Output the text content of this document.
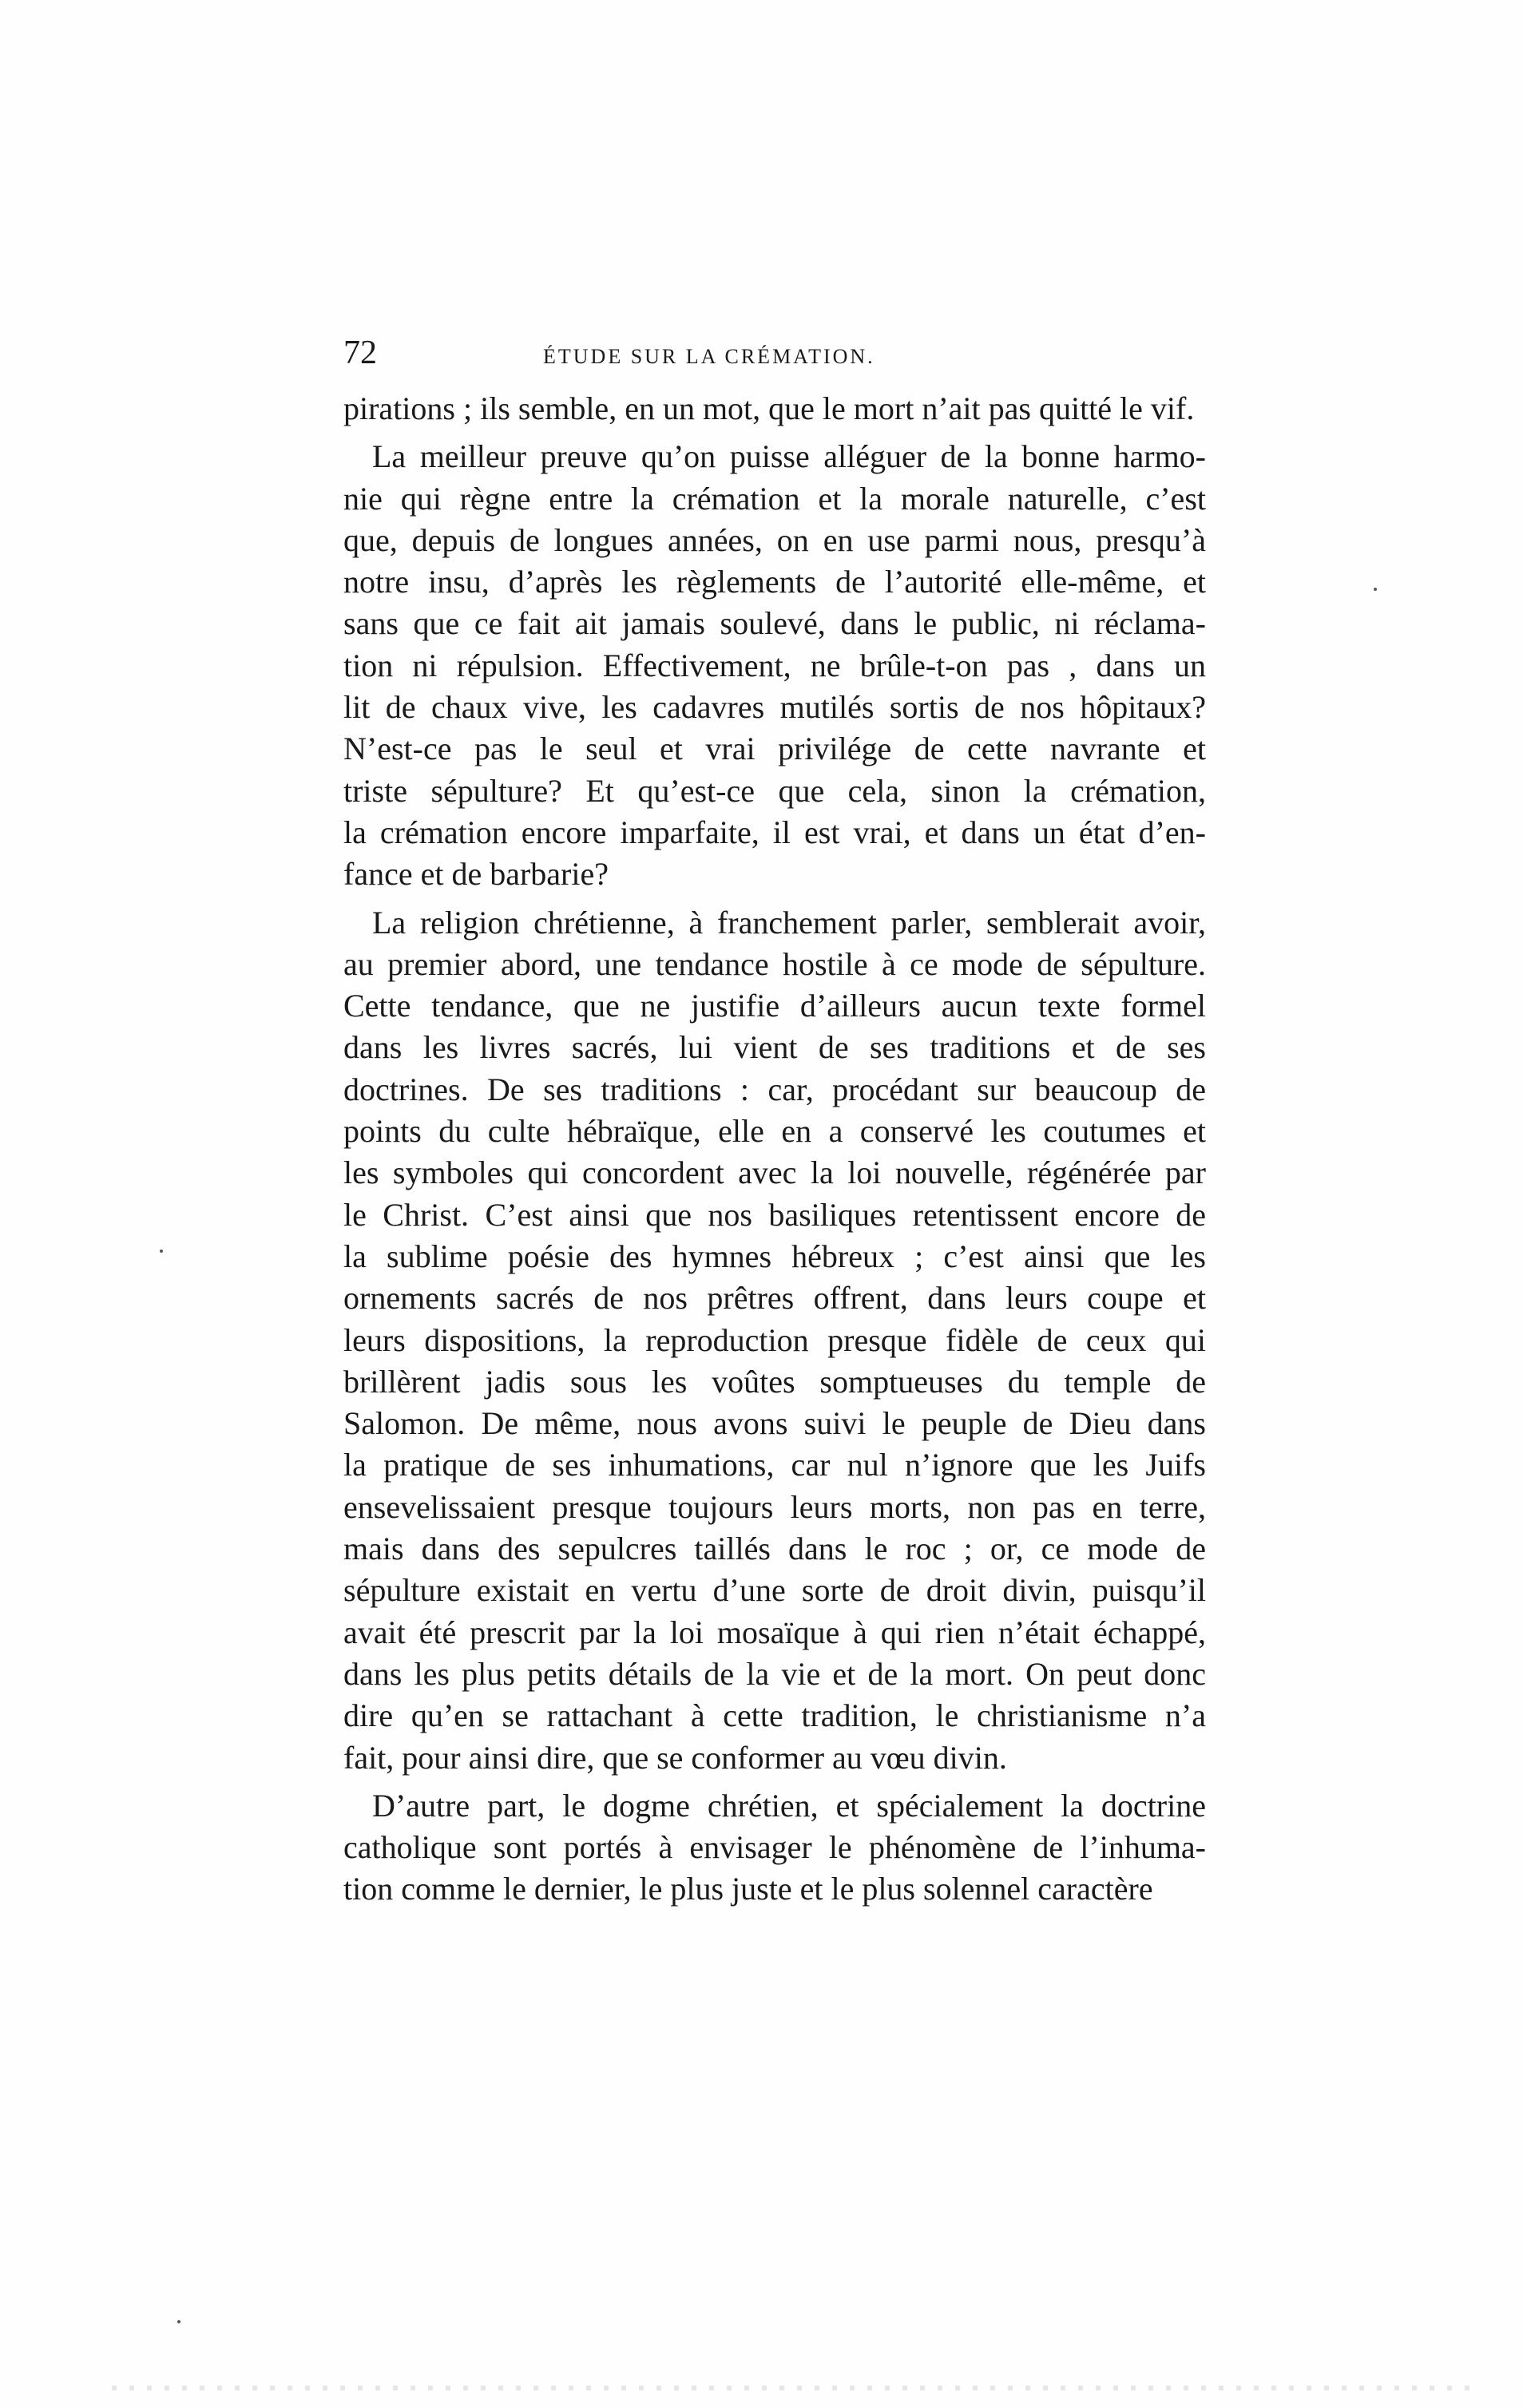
72	ÉTUDE SUR LA CRÉMATION.
pirations ; ils semble, en un mot, que le mort n’ait pas quitté le vif.
La meilleur preuve qu’on puisse alléguer de la bonne harmo-
nie qui règne entre la crémation et la morale naturelle, c’est
que, depuis de longues années, on en use parmi nous, presqu’à
notre insu, d’après les règlements de l’autorité elle-même, et
sans que ce fait ait jamais soulevé, dans le public, ni réclama-
tion ni répulsion. Effectivement, ne brûle-t-on pas , dans un
lit de chaux vive, les cadavres mutilés sortis de nos hôpitaux?
N’est-ce pas le seul et vrai privilége de cette navrante et
triste sépulture? Et qu’est-ce que cela, sinon la crémation,
la crémation encore imparfaite, il est vrai, et dans un état d’en-
fance et de barbarie?
La religion chrétienne, à franchement parler, semblerait avoir,
au premier abord, une tendance hostile à ce mode de sépulture.
Cette tendance, que ne justifie d’ailleurs aucun texte formel
dans les livres sacrés, lui vient de ses traditions et de ses
doctrines. De ses traditions : car, procédant sur beaucoup de
points du culte hébraïque, elle en a conservé les coutumes et
les symboles qui concordent avec la loi nouvelle, régénérée par
le Christ. C’est ainsi que nos basiliques retentissent encore de
la sublime poésie des hymnes hébreux ; c’est ainsi que les
ornements sacrés de nos prêtres offrent, dans leurs coupe et
leurs dispositions, la reproduction presque fidèle de ceux qui
brillèrent jadis sous les voûtes somptueuses du temple de
Salomon. De même, nous avons suivi le peuple de Dieu dans
la pratique de ses inhumations, car nul n’ignore que les Juifs
ensevelissaient presque toujours leurs morts, non pas en terre,
mais dans des sepulcres taillés dans le roc ; or, ce mode de
sépulture existait en vertu d’une sorte de droit divin, puisqu’il
avait été prescrit par la loi mosaïque à qui rien n’était échappé,
dans les plus petits détails de la vie et de la mort. On peut donc
dire qu’en se rattachant à cette tradition, le christianisme n’a
fait, pour ainsi dire, que se conformer au vœu divin.
D’autre part, le dogme chrétien, et spécialement la doctrine
catholique sont portés à envisager le phénomène de l’inhuma-
tion comme le dernier, le plus juste et le plus solennel caractère
